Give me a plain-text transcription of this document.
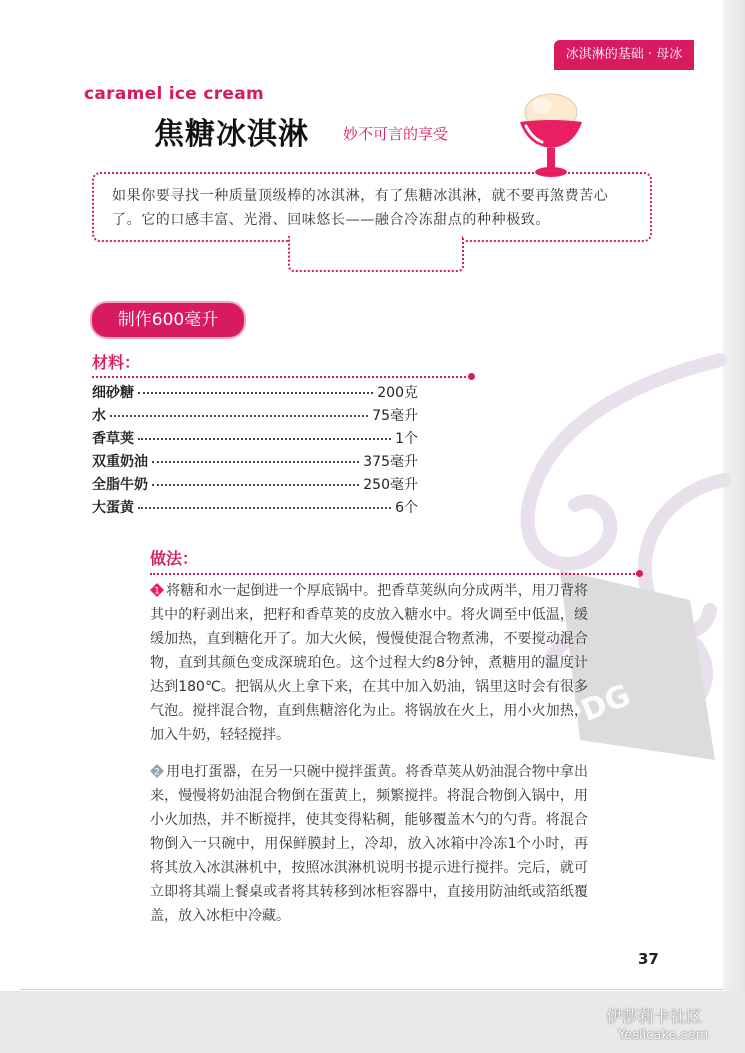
PDG
冰淇淋的基础 · 母冰
caramel ice cream
焦糖冰淇淋 妙不可言的享受
如果你要寻找一种质量顶级棒的冰淇淋，有了焦糖冰淇淋，就不要再煞费苦心
了。它的口感丰富、光滑、回味悠长——融合冷冻甜点的种种极致。
制作600毫升
材料：
细砂糖	200克
水	75毫升
香草荚	1个
双重奶油	375毫升
全脂牛奶	250毫升
大蛋黄	6个
做法：
1 将糖和水一起倒进一个厚底锅中。把香草荚纵向分成两半，用刀背将其中的籽剥出来，把籽和香草荚的皮放入糖水中。将火调至中低温，缓缓加热，直到糖化开了。加大火候，慢慢使混合物煮沸，不要搅动混合物，直到其颜色变成深琥珀色。这个过程大约8分钟，煮糖用的温度计达到180℃。把锅从火上拿下来，在其中加入奶油，锅里这时会有很多气泡。搅拌混合物，直到焦糖溶化为止。将锅放在火上，用小火加热，加入牛奶，轻轻搅拌。
2 用电打蛋器，在另一只碗中搅拌蛋黄。将香草荚从奶油混合物中拿出来，慢慢将奶油混合物倒在蛋黄上，频繁搅拌。将混合物倒入锅中，用小火加热，并不断搅拌，使其变得粘稠，能够覆盖木勺的勺背。将混合物倒入一只碗中，用保鲜膜封上，冷却，放入冰箱中冷冻1个小时，再将其放入冰淇淋机中，按照冰淇淋机说明书提示进行搅拌。完后，就可立即将其端上餐桌或者将其转移到冰柜容器中，直接用防油纸或箔纸覆盖，放入冰柜中冷藏。
37
伊莎莉卡社区
Yeslicake.com
